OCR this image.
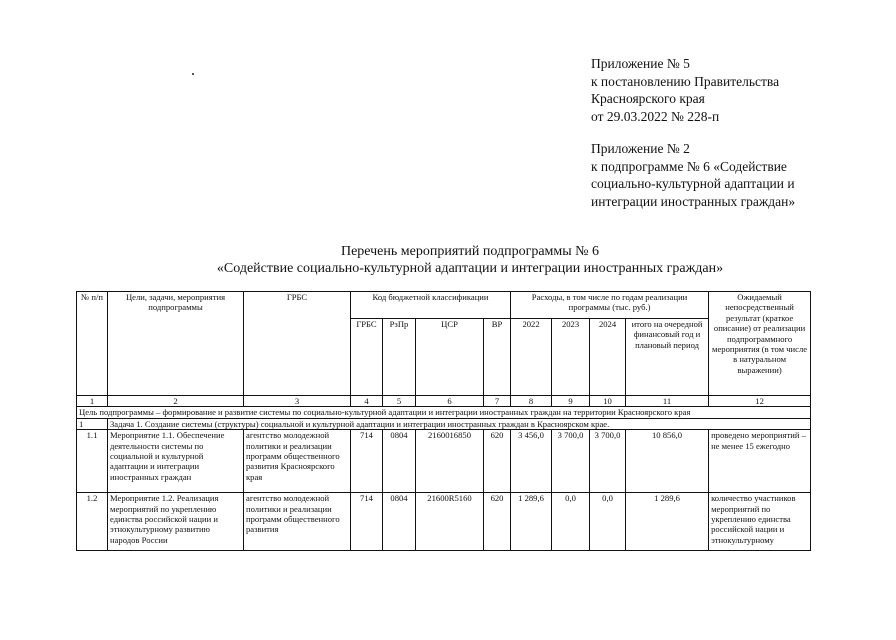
Приложение № 5
к постановлению Правительства
Красноярского края
от 29.03.2022 № 228-п
Приложение № 2
к подпрограмме № 6 «Содействие
социально-культурной адаптации и
интеграции иностранных граждан»
Перечень мероприятий подпрограммы № 6
«Содействие социально-культурной адаптации и интеграции иностранных граждан»
№ п/п	Цели, задачи, мероприятия подпрограммы	ГРБС	Код бюджетной классификации				Расходы, в том числе по годам реализации программы (тыс. руб.)				Ожидаемый непосредственный результат (краткое описание) от реализации подпрограммного мероприятия (в том числе в натуральном выражении)
			ГРБС	РзПр	ЦСР	ВР	2022	2023	2024	итого на очередной финансовый год и плановый период	
1	2	3	4	5	6	7	8	9	10	11	12
Цель подпрограммы – формирование и развитие системы по социально-культурной адаптации и интеграции иностранных граждан на территории Красноярского края											
1	Задача 1. Создание системы (структуры) социальной и культурной адаптации и интеграции иностранных граждан в Красноярском крае.										
1.1	Мероприятие 1.1. Обеспечение деятельности системы по социальной и культурной адаптации и интеграции иностранных граждан	агентство молодежной политики и реализации программ общественного развития Красноярского края	714	0804	2160016850	620	3 456,0	3 700,0	3 700,0	10 856,0	проведено мероприятий – не менее 15 ежегодно
1.2	Мероприятие 1.2. Реализация мероприятий по укреплению единства российской нации и этнокультурному развитию народов России	агентство молодежной политики и реализации программ общественного развития	714	0804	21600R5160	620	1 289,6	0,0	0,0	1 289,6	количество участников мероприятий по укреплению единства российской нации и этнокультурному
